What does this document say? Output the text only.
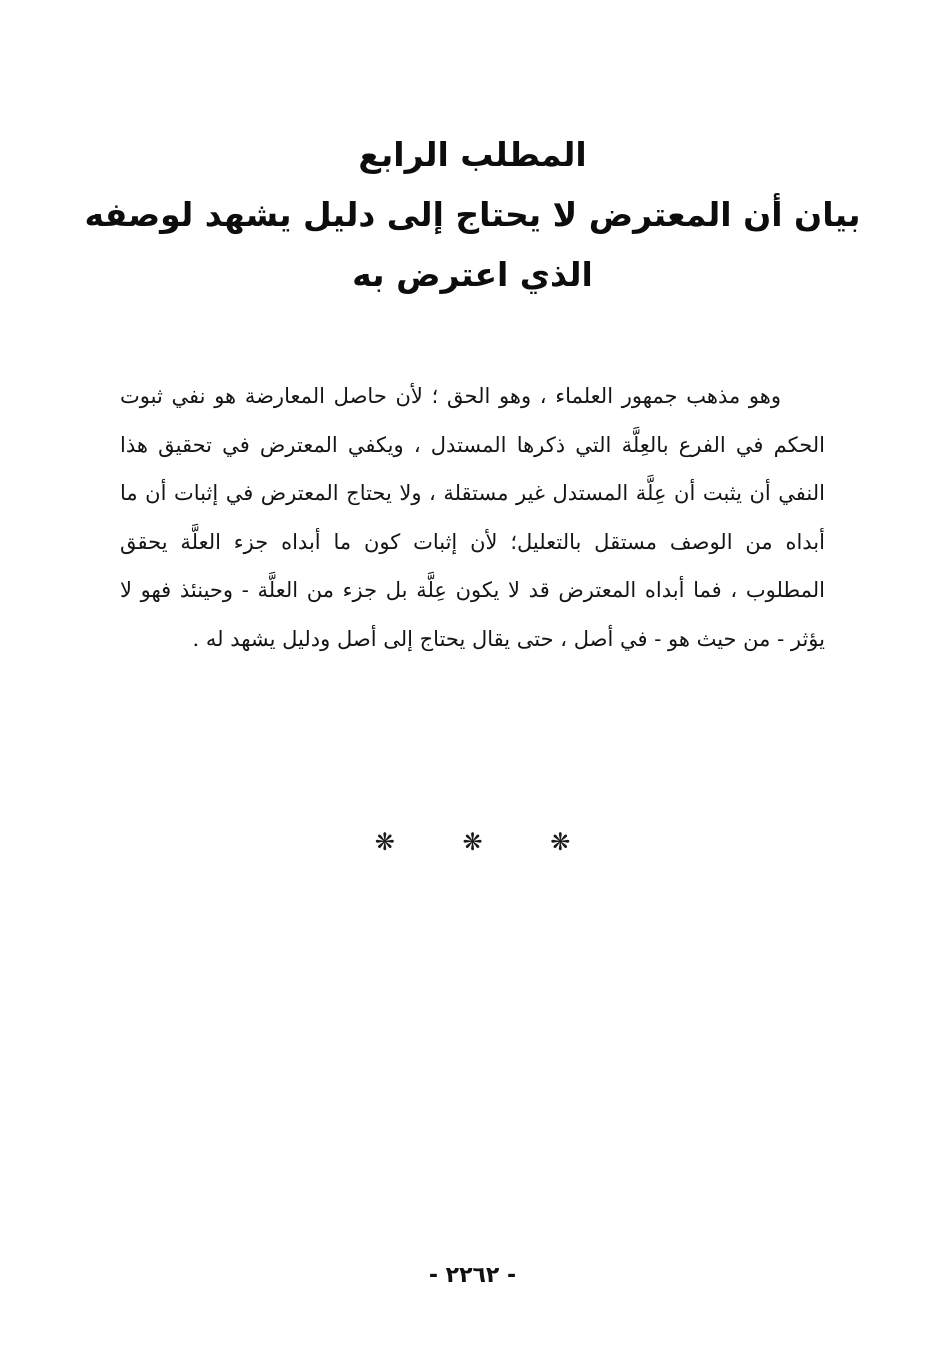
المطلب الرابع
بيان أن المعترض لا يحتاج إلى دليل يشهد لوصفه
الذي اعترض به

وهو مذهب جمهور العلماء ، وهو الحق ؛ لأن حاصل المعارضة هو نفي ثبوت الحكم في الفرع بالعِلَّة التي ذكرها المستدل ، ويكفي المعترض في تحقيق هذا النفي أن يثبت أن عِلَّة المستدل غير مستقلة ، ولا يحتاج المعترض في إثبات أن ما أبداه من الوصف مستقل بالتعليل؛ لأن إثبات كون ما أبداه جزء العلَّة يحقق المطلوب ، فما أبداه المعترض قد لا يكون عِلَّة بل جزء من العلَّة - وحينئذ فهو لا يؤثر - من حيث هو - في أصل ، حتى يقال يحتاج إلى أصل ودليل يشهد له .

❋	❋	❋
- ٢٢٦٢ -
